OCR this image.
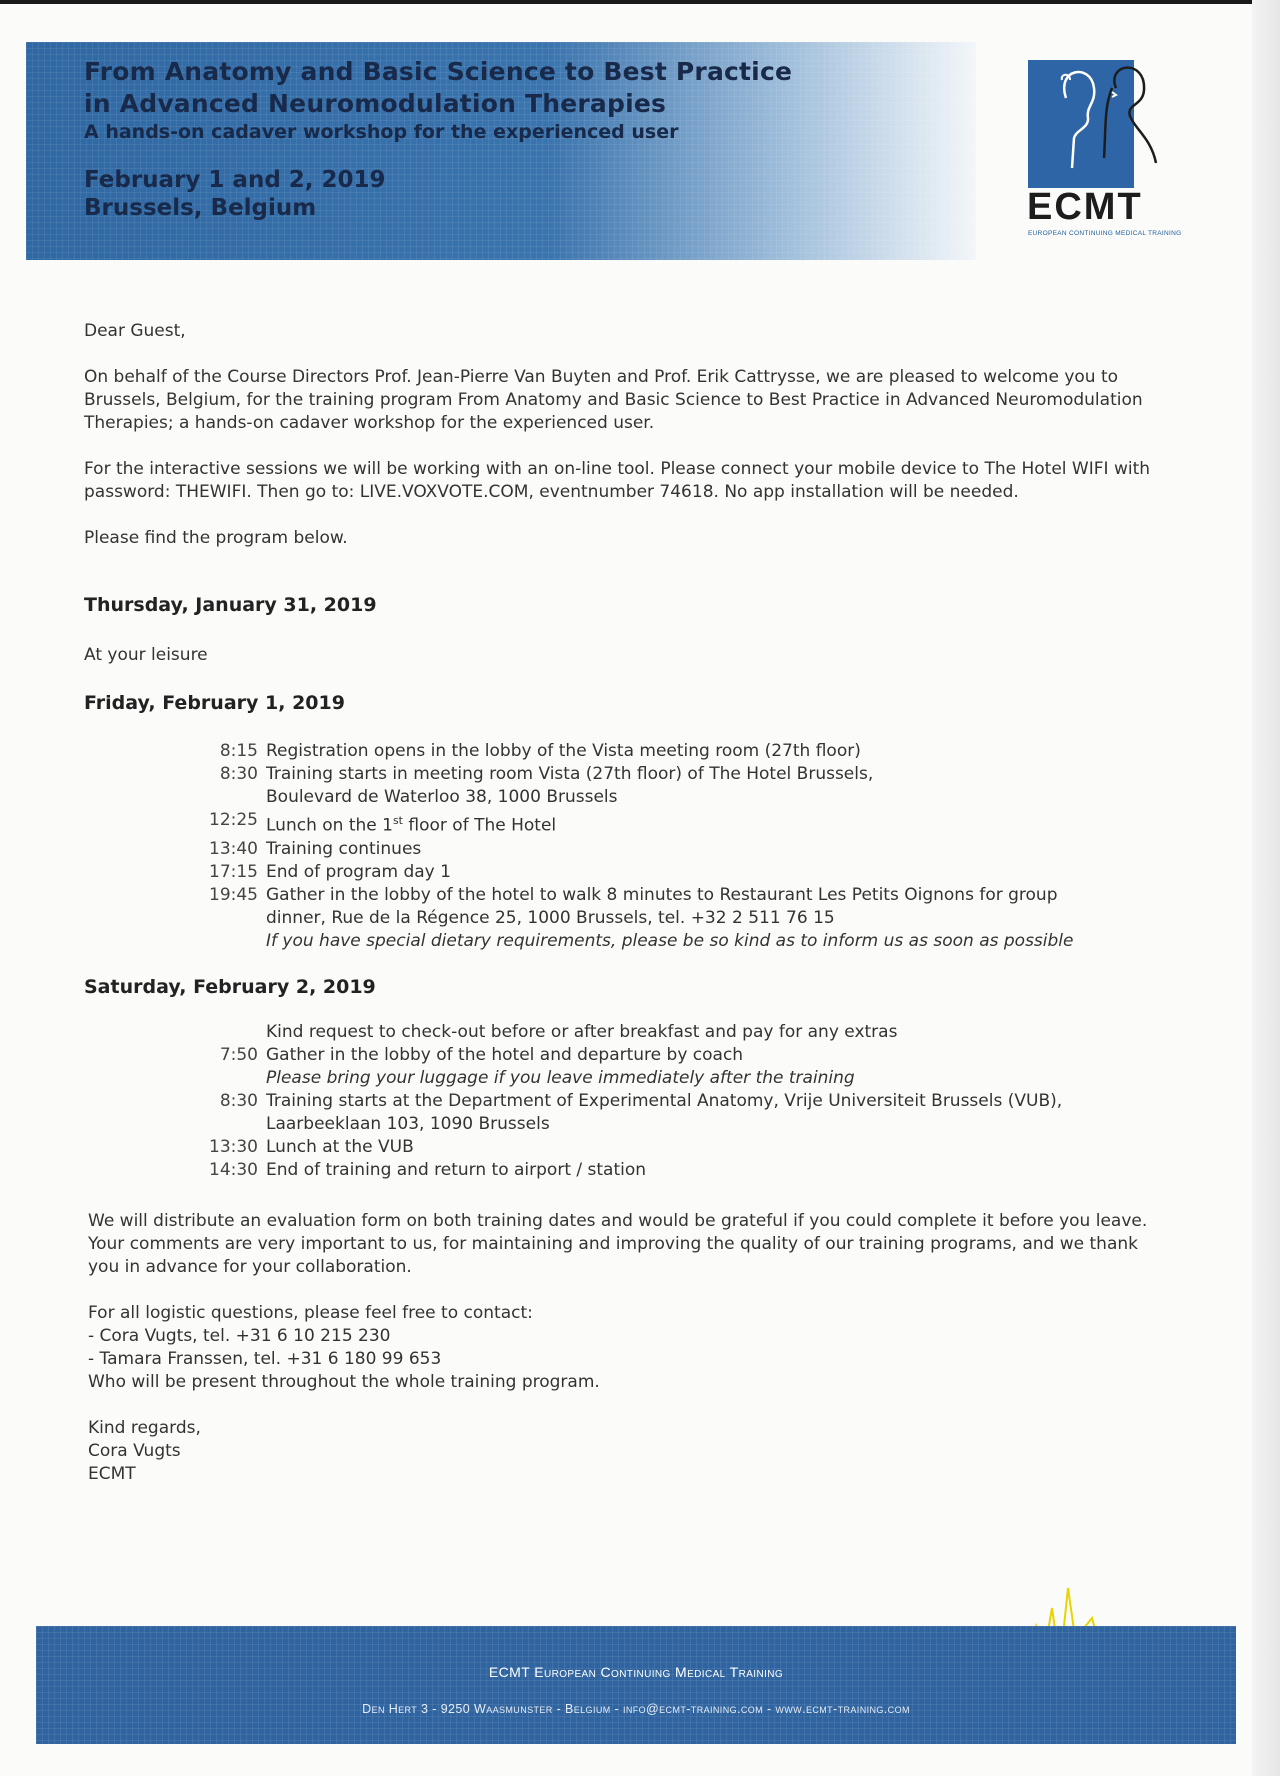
From Anatomy and Basic Science to Best Practice
in Advanced Neuromodulation Therapies
A hands-on cadaver workshop for the experienced user
February 1 and 2, 2019
Brussels, Belgium	ECMT
EUROPEAN CONTINUING MEDICAL TRAINING

Dear Guest,

On behalf of the Course Directors Prof. Jean-Pierre Van Buyten and Prof. Erik Cattrysse, we are pleased to welcome you to Brussels, Belgium, for the training program From Anatomy and Basic Science to Best Practice in Advanced Neuromodulation Therapies; a hands-on cadaver workshop for the experienced user.

For the interactive sessions we will be working with an on-line tool. Please connect your mobile device to The Hotel WIFI with password: THEWIFI. Then go to: LIVE.VOXVOTE.COM, eventnumber 74618. No app installation will be needed.

Please find the program below.

Thursday, January 31, 2019
At your leisure
Friday, February 1, 2019
8:15 Registration opens in the lobby of the Vista meeting room (27th floor)
8:30 Training starts in meeting room Vista (27th floor) of The Hotel Brussels,
Boulevard de Waterloo 38, 1000 Brussels
12:25 Lunch on the 1st floor of The Hotel
13:40 Training continues
17:15 End of program day 1
19:45 Gather in the lobby of the hotel to walk 8 minutes to Restaurant Les Petits Oignons for group
dinner, Rue de la Régence 25, 1000 Brussels, tel. +32 2 511 76 15
If you have special dietary requirements, please be so kind as to inform us as soon as possible
Saturday, February 2, 2019
Kind request to check-out before or after breakfast and pay for any extras
7:50 Gather in the lobby of the hotel and departure by coach
Please bring your luggage if you leave immediately after the training
8:30 Training starts at the Department of Experimental Anatomy, Vrije Universiteit Brussels (VUB),
Laarbeeklaan 103, 1090 Brussels
13:30 Lunch at the VUB
14:30 End of training and return to airport / station

We will distribute an evaluation form on both training dates and would be grateful if you could complete it before you leave. Your comments are very important to us, for maintaining and improving the quality of our training programs, and we thank you in advance for your collaboration.

For all logistic questions, please feel free to contact:
- Cora Vugts, tel. +31 6 10 215 230
- Tamara Franssen, tel. +31 6 180 99 653
Who will be present throughout the whole training program.
Kind regards,
Cora Vugts
ECMT
ECMT European Continuing Medical Training
Den Hert 3 - 9250 Waasmunster - Belgium - info@ecmt-training.com - www.ecmt-training.com
